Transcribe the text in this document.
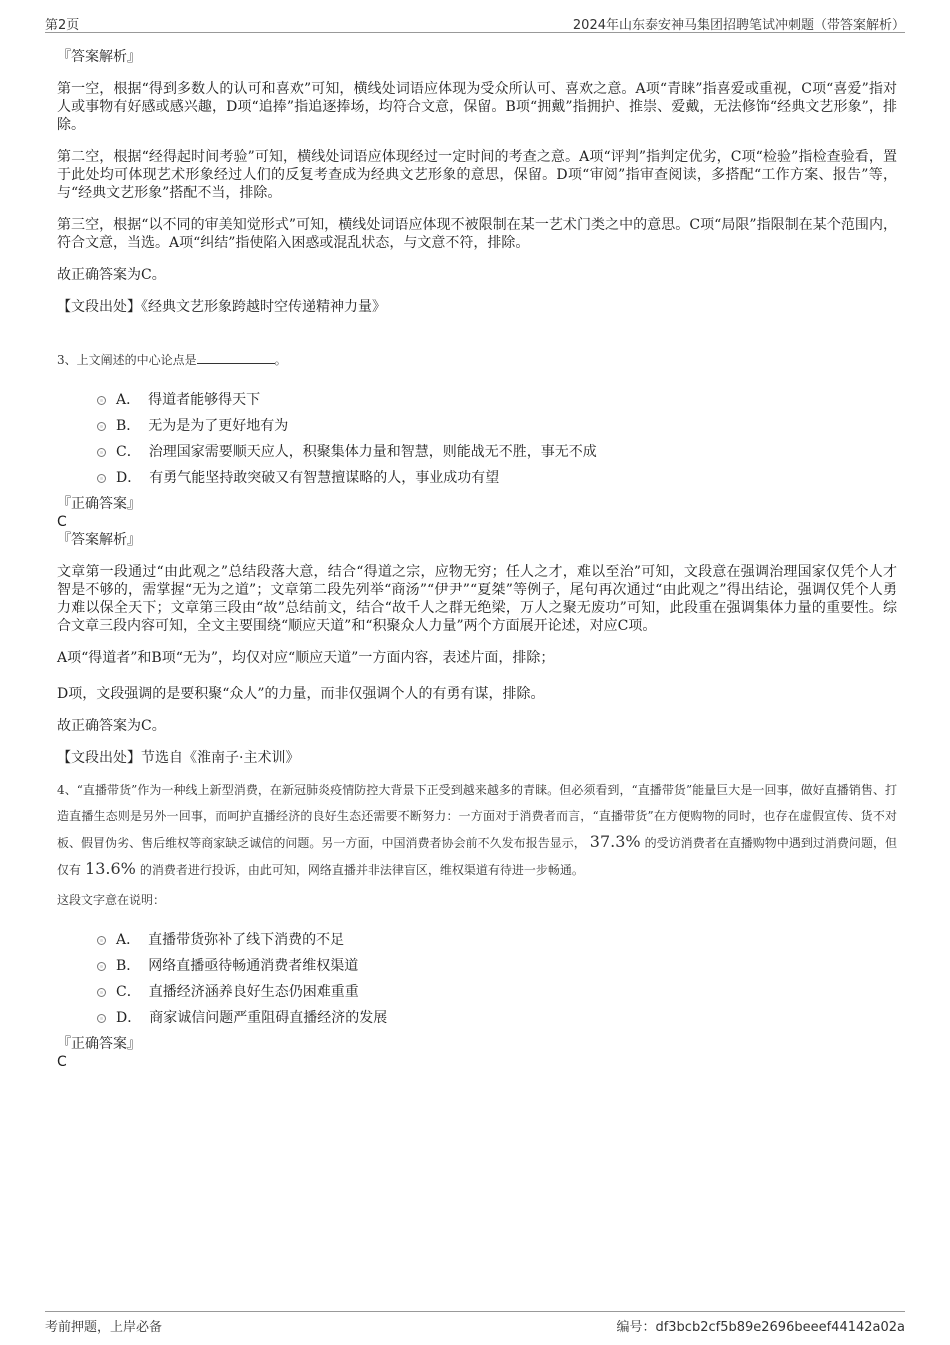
第2页	2024年山东泰安神马集团招聘笔试冲刺题（带答案解析）

『答案解析』

第一空，根据“得到多数人的认可和喜欢”可知，横线处词语应体现为受众所认可、喜欢之意。A项“青睐”指喜爱或重视，C项“喜爱”指对人或事物有好感或感兴趣，D项“追捧”指追逐捧场，均符合文意，保留。B项“拥戴”指拥护、推崇、爱戴，无法修饰“经典文艺形象”，排除。

第二空，根据“经得起时间考验”可知，横线处词语应体现经过一定时间的考查之意。A项“评判”指判定优劣，C项“检验”指检查验看，置于此处均可体现艺术形象经过人们的反复考查成为经典文艺形象的意思，保留。D项“审阅”指审查阅读，多搭配“工作方案、报告”等，与“经典文艺形象”搭配不当，排除。

第三空，根据“以不同的审美知觉形式”可知，横线处词语应体现不被限制在某一艺术门类之中的意思。C项“局限”指限制在某个范围内，符合文意，当选。A项“纠结”指使陷入困惑或混乱状态，与文意不符，排除。

故正确答案为C。

【文段出处】《经典文艺形象跨越时空传递精神力量》

3、上文阐述的中心论点是	。

A． 得道者能够得天下
B． 无为是为了更好地有为
C． 治理国家需要顺天应人，积聚集体力量和智慧，则能战无不胜，事无不成
D． 有勇气能坚持敢突破又有智慧擅谋略的人，事业成功有望

『正确答案』

C

『答案解析』

文章第一段通过“由此观之”总结段落大意，结合“得道之宗，应物无穷；任人之才，难以至治”可知，文段意在强调治理国家仅凭个人才智是不够的，需掌握“无为之道”；文章第二段先列举“商汤”“伊尹”“夏桀”等例子，尾句再次通过“由此观之”得出结论，强调仅凭个人勇力难以保全天下；文章第三段由“故”总结前文，结合“故千人之群无绝梁，万人之聚无废功”可知，此段重在强调集体力量的重要性。综合文章三段内容可知，全文主要围绕“顺应天道”和“积聚众人力量”两个方面展开论述，对应C项。

A项“得道者”和B项“无为”，均仅对应“顺应天道”一方面内容，表述片面，排除；

D项，文段强调的是要积聚“众人”的力量，而非仅强调个人的有勇有谋，排除。

故正确答案为C。

【文段出处】节选自《淮南子·主术训》

4、“直播带货”作为一种线上新型消费，在新冠肺炎疫情防控大背景下正受到越来越多的青睐。但必须看到，“直播带货”能量巨大是一回事，做好直播销售、打造直播生态则是另外一回事，而呵护直播经济的良好生态还需要不断努力：一方面对于消费者而言，“直播带货”在方便购物的同时，也存在虚假宣传、货不对板、假冒伪劣、售后维权等商家缺乏诚信的问题。另一方面，中国消费者协会前不久发布报告显示， 37.3% 的受访消费者在直播购物中遇到过消费问题，但仅有 13.6% 的消费者进行投诉，由此可知，网络直播并非法律盲区，维权渠道有待进一步畅通。

这段文字意在说明：

A． 直播带货弥补了线下消费的不足
B． 网络直播亟待畅通消费者维权渠道
C． 直播经济涵养良好生态仍困难重重
D． 商家诚信问题严重阻碍直播经济的发展

『正确答案』

C

考前押题，上岸必备	编号：df3bcb2cf5b89e2696beeef44142a02a
